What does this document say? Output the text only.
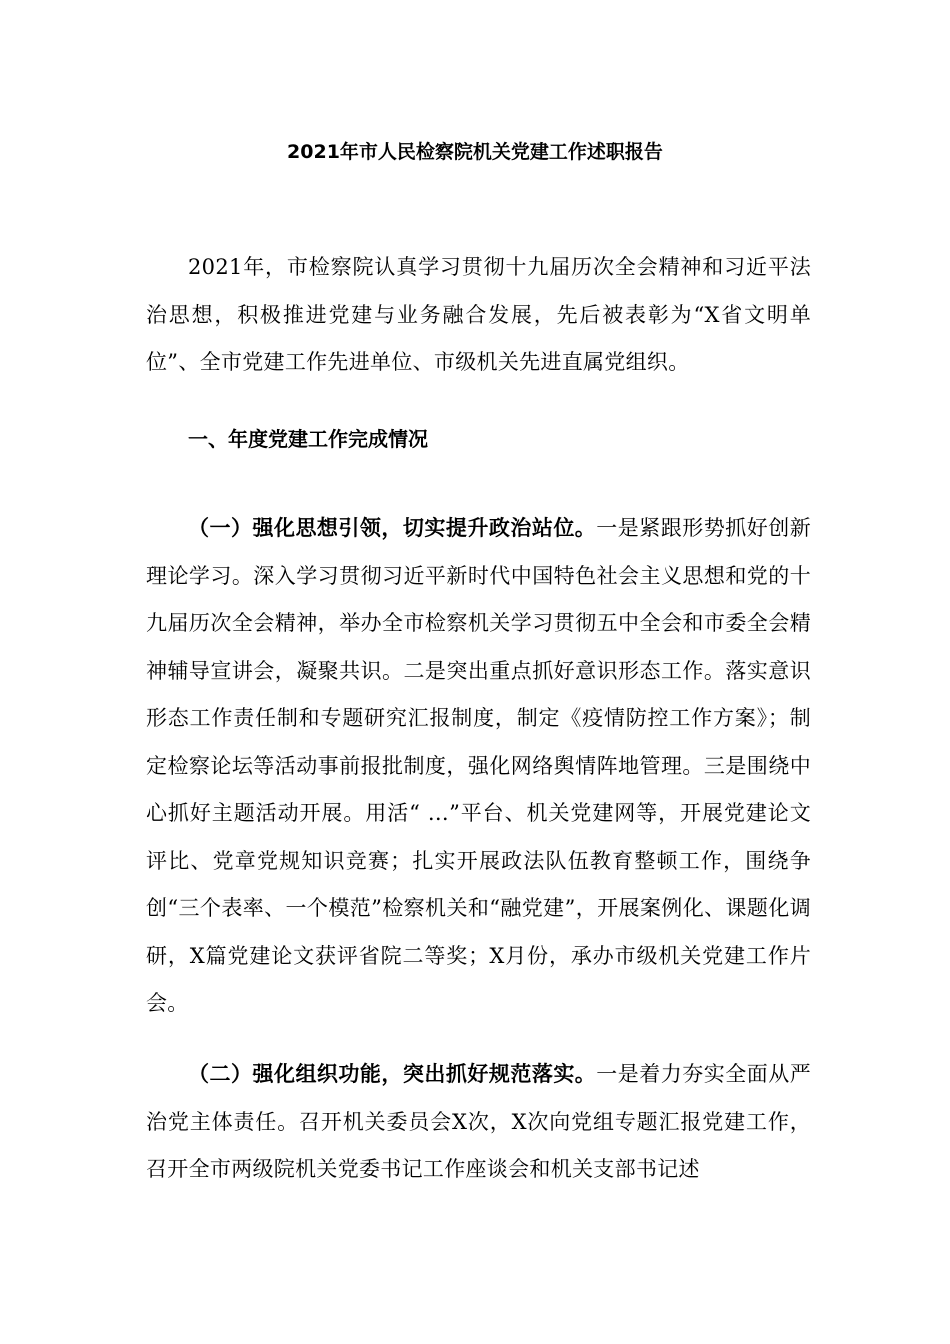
2021年市人民检察院机关党建工作述职报告

2021年，市检察院认真学习贯彻十九届历次全会精神和习近平法治思想，积极推进党建与业务融合发展，先后被表彰为“X省文明单位”、全市党建工作先进单位、市级机关先进直属党组织。

一、年度党建工作完成情况

（一）强化思想引领，切实提升政治站位。一是紧跟形势抓好创新理论学习。深入学习贯彻习近平新时代中国特色社会主义思想和党的十九届历次全会精神，举办全市检察机关学习贯彻五中全会和市委全会精神辅导宣讲会，凝聚共识。二是突出重点抓好意识形态工作。落实意识形态工作责任制和专题研究汇报制度，制定《疫情防控工作方案》；制定检察论坛等活动事前报批制度，强化网络舆情阵地管理。三是围绕中心抓好主题活动开展。用活“ …”平台、机关党建网等，开展党建论文评比、党章党规知识竞赛；扎实开展政法队伍教育整顿工作，围绕争创“三个表率、一个模范”检察机关和“融党建”，开展案例化、课题化调研，X篇党建论文获评省院二等奖；X月份，承办市级机关党建工作片会。

（二）强化组织功能，突出抓好规范落实。一是着力夯实全面从严治党主体责任。召开机关委员会X次，X次向党组专题汇报党建工作，召开全市两级院机关党委书记工作座谈会和机关支部书记述
